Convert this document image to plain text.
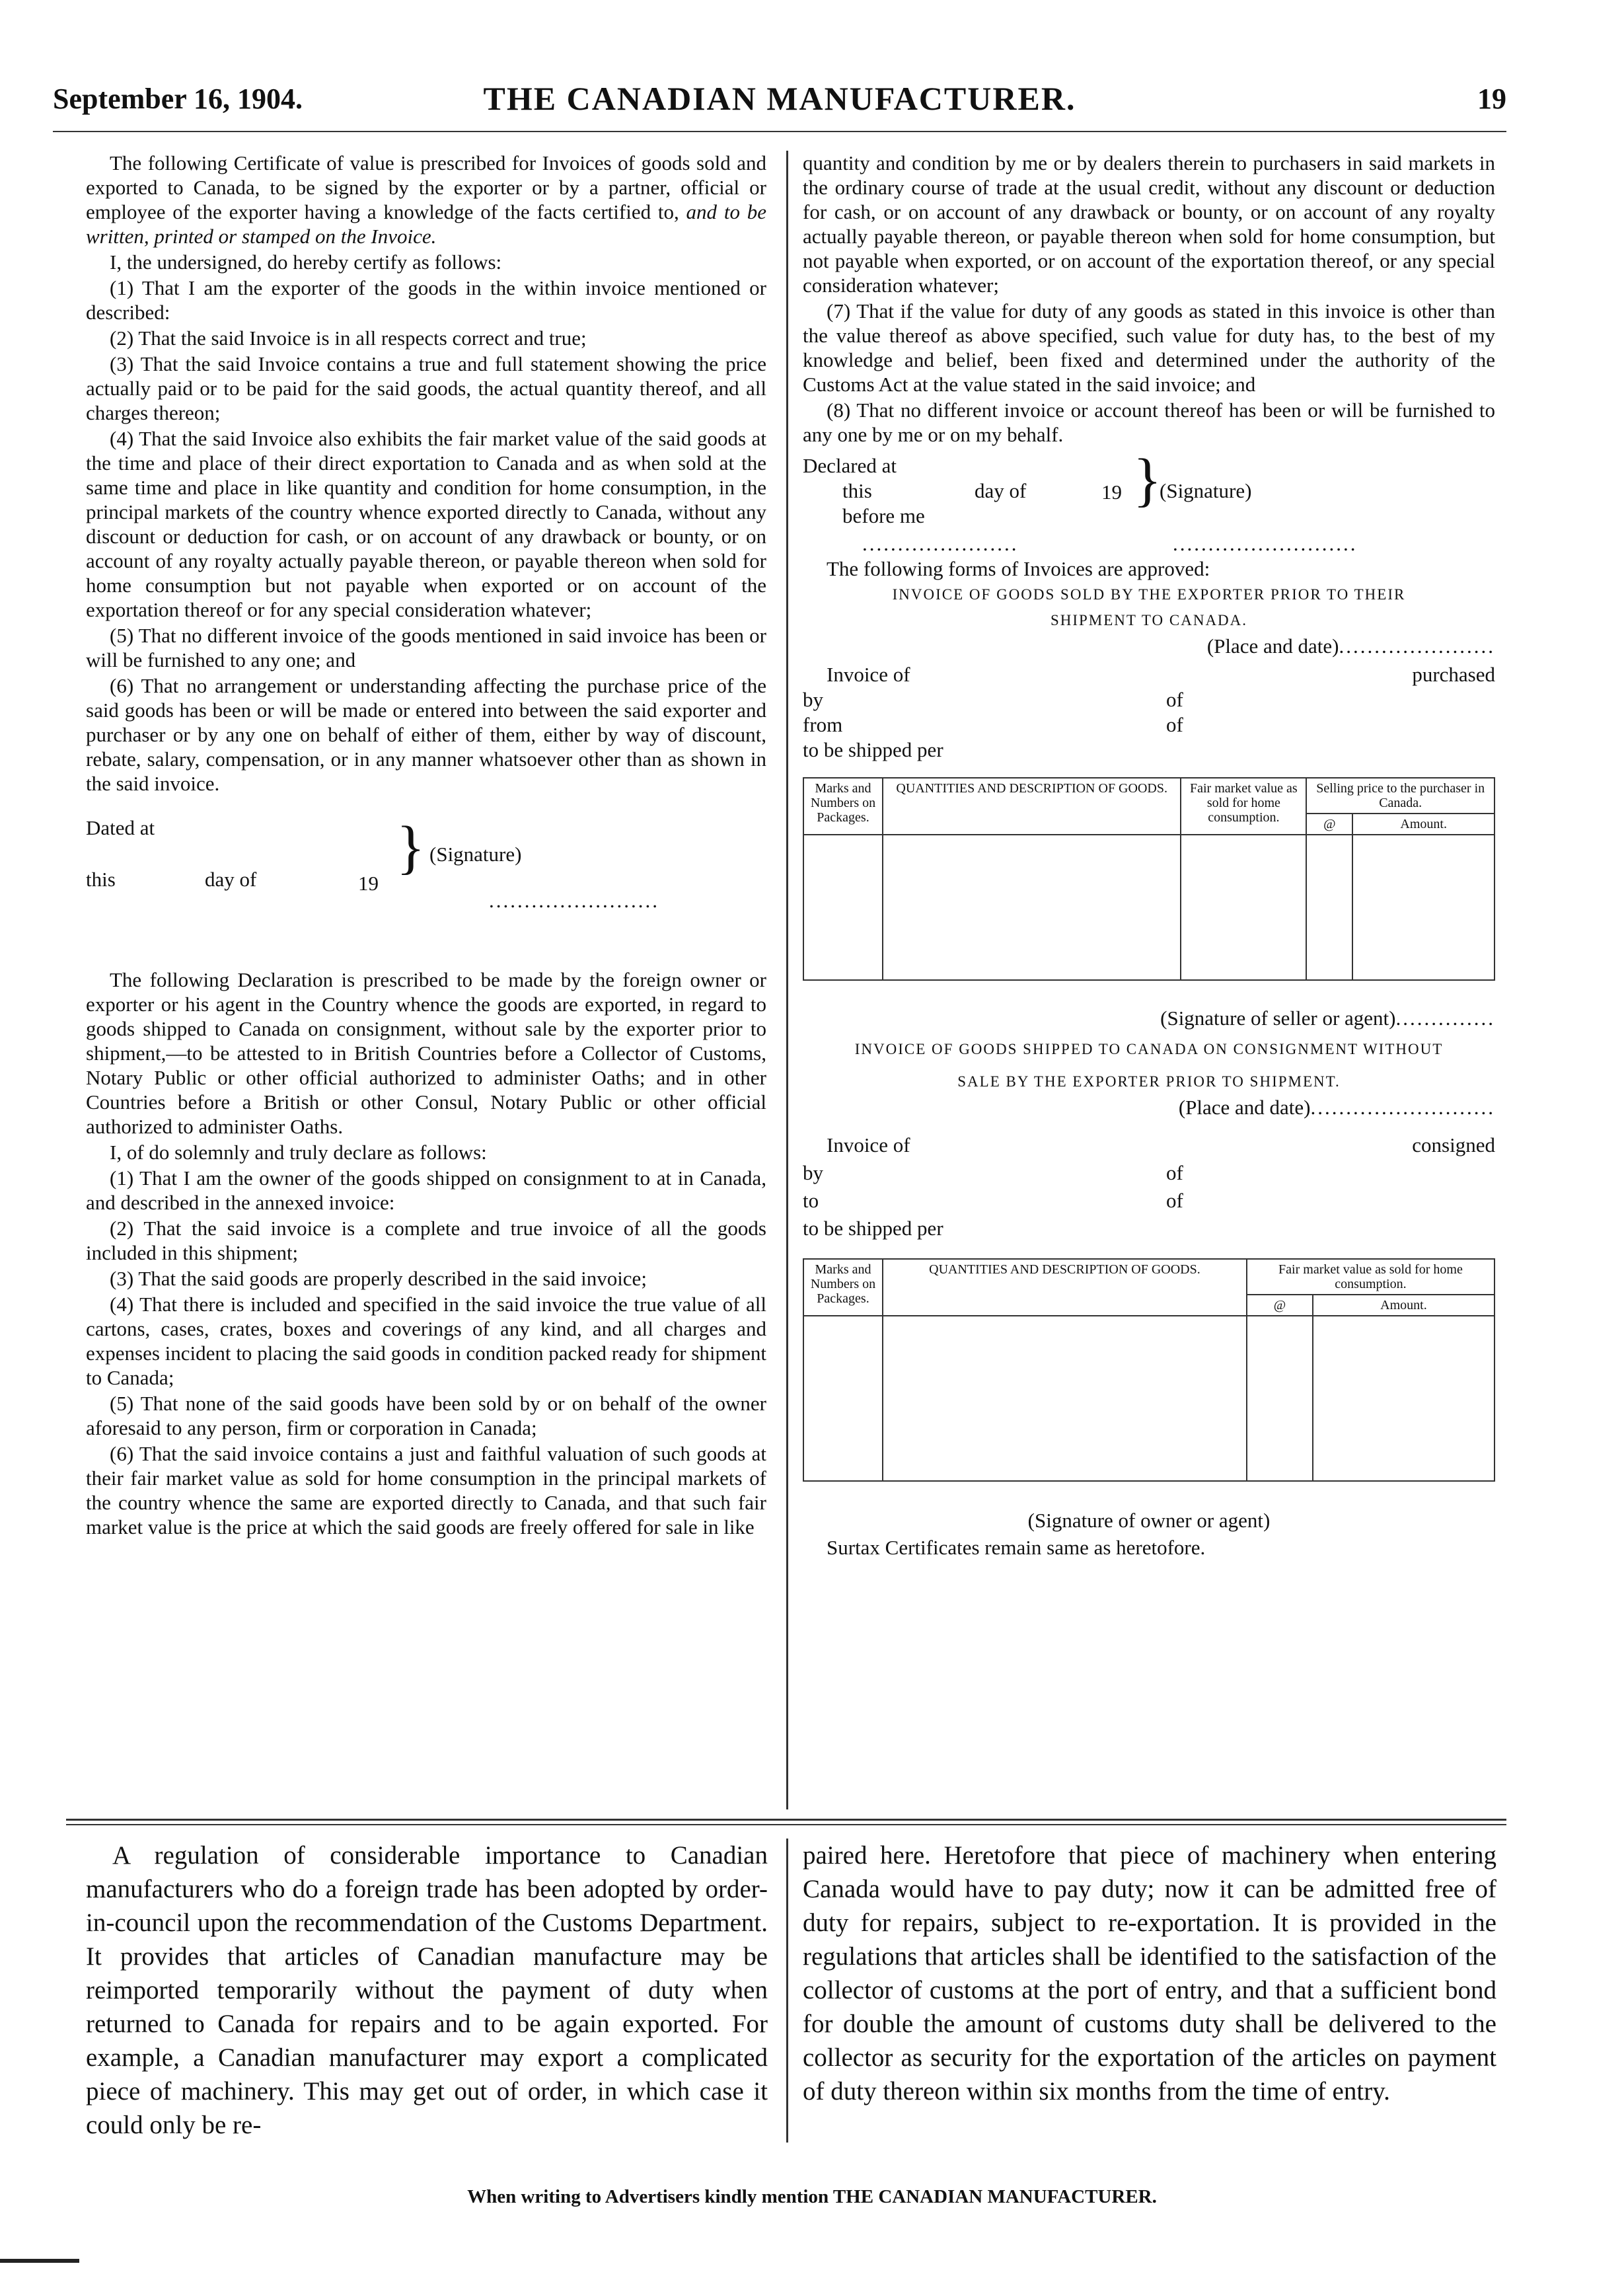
September 16, 1904.	THE CANADIAN MANUFACTURER.	19

The following Certificate of value is prescribed for Invoices of goods sold and exported to Canada, to be signed by the exporter or by a partner, official or employee of the exporter having a knowledge of the facts certified to, and to be written, printed or stamped on the Invoice.

I, the undersigned, do hereby certify as follows:

(1) That I am the exporter of the goods in the within invoice mentioned or described:

(2) That the said Invoice is in all respects correct and true;

(3) That the said Invoice contains a true and full statement showing the price actually paid or to be paid for the said goods, the actual quantity thereof, and all charges thereon;

(4) That the said Invoice also exhibits the fair market value of the said goods at the time and place of their direct exportation to Canada and as when sold at the same time and place in like quantity and condition for home consumption, in the principal markets of the country whence exported directly to Canada, without any discount or deduction for cash, or on account of any drawback or bounty, or on account of any royalty actually payable thereon, or payable thereon when sold for home consumption but not payable when exported or on account of the exportation thereof or for any special consideration whatever;

(5) That no different invoice of the goods mentioned in said invoice has been or will be furnished to any one; and

(6) That no arrangement or understanding affecting the purchase price of the said goods has been or will be made or entered into between the said exporter and purchaser or by any one on behalf of either of them, either by way of discount, rebate, salary, compensation, or in any manner whatsoever other than as shown in the said invoice.

Dated at
this	day of	19
} (Signature)
........................

The following Declaration is prescribed to be made by the foreign owner or exporter or his agent in the Country whence the goods are exported, in regard to goods shipped to Canada on consignment, without sale by the exporter prior to shipment,—to be attested to in British Countries before a Collector of Customs, Notary Public or other official authorized to administer Oaths; and in other Countries before a British or other Consul, Notary Public or other official authorized to administer Oaths.

I, of do solemnly and truly declare as follows:

(1) That I am the owner of the goods shipped on consignment to at in Canada, and described in the annexed invoice:

(2) That the said invoice is a complete and true invoice of all the goods included in this shipment;

(3) That the said goods are properly described in the said invoice;

(4) That there is included and specified in the said invoice the true value of all cartons, cases, crates, boxes and coverings of any kind, and all charges and expenses incident to placing the said goods in condition packed ready for shipment to Canada;

(5) That none of the said goods have been sold by or on behalf of the owner aforesaid to any person, firm or corporation in Canada;

(6) That the said invoice contains a just and faithful valuation of such goods at their fair market value as sold for home consumption in the principal markets of the country whence the same are exported directly to Canada, and that such fair market value is the price at which the said goods are freely offered for sale in like

quantity and condition by me or by dealers therein to purchasers in said markets in the ordinary course of trade at the usual credit, without any discount or deduction for cash, or on account of any drawback or bounty, or on account of any royalty actually payable thereon, or payable thereon when sold for home consumption, but not payable when exported, or on account of the exportation thereof, or any special consideration whatever;

(7) That if the value for duty of any goods as stated in this invoice is other than the value thereof as above specified, such value for duty has, to the best of my knowledge and belief, been fixed and determined under the authority of the Customs Act at the value stated in the said invoice; and

(8) That no different invoice or account thereof has been or will be furnished to any one by me or on my behalf.

Declared at
this	day of	19 }
(Signature)
before me
......................	..........................

The following forms of Invoices are approved:

INVOICE OF GOODS SOLD BY THE EXPORTER PRIOR TO THEIR

SHIPMENT TO CANADA.

(Place and date)......................
Invoice of	purchased
by	of
from	of
to be shipped per
Marks and Numbers on Packages.	QUANTITIES AND DESCRIPTION OF GOODS.	Fair market value as sold for home consumption.	Selling price to the purchaser in Canada.	
			@	Amount.

(Signature of seller or agent)..............

INVOICE OF GOODS SHIPPED TO CANADA ON CONSIGNMENT WITHOUT

SALE BY THE EXPORTER PRIOR TO SHIPMENT.

(Place and date)..........................
Invoice of	consigned
by	of
to	of
to be shipped per
Marks and Numbers on Packages.	QUANTITIES AND DESCRIPTION OF GOODS.	Fair market value as sold for home consumption.	
		@	Amount.

(Signature of owner or agent)

Surtax Certificates remain same as heretofore.

A regulation of considerable importance to Canadian manufacturers who do a foreign trade has been adopted by order-in-council upon the recommendation of the Customs Department. It provides that articles of Canadian manufacture may be reimported temporarily without the payment of duty when returned to Canada for repairs and to be again exported. For example, a Canadian manufacturer may export a complicated piece of machinery. This may get out of order, in which case it could only be re-

paired here. Heretofore that piece of machinery when entering Canada would have to pay duty; now it can be admitted free of duty for repairs, subject to re-exportation. It is provided in the regulations that articles shall be identified to the satisfaction of the collector of customs at the port of entry, and that a sufficient bond for double the amount of customs duty shall be delivered to the collector as security for the exportation of the articles on payment of duty thereon within six months from the time of entry.

When writing to Advertisers kindly mention THE CANADIAN MANUFACTURER.
